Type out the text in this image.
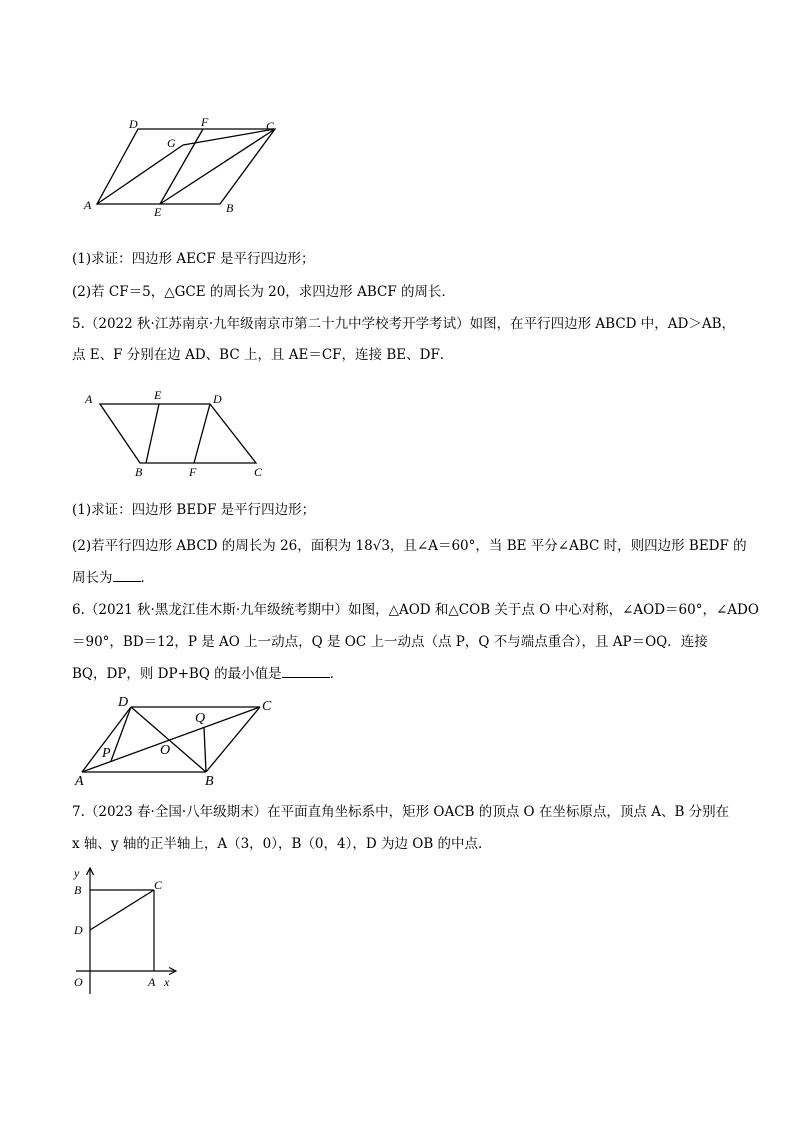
A	B
C
D
E
F
G
(1)求证：四边形 AECF 是平行四边形；
(2)若 CF＝5，△GCE 的周长为 20，求四边形 ABCF 的周长．
5.（2022 秋·江苏南京·九年级南京市第二十九中学校考开学考试）如图，在平行四边形 ABCD 中，AD＞AB，
点 E、F 分别在边 AD、BC 上，且 AE＝CF，连接 BE、DF．
A	E	D
B	F	C
(1)求证：四边形 BEDF 是平行四边形；
(2)若平行四边形 ABCD 的周长为 26，面积为 18√3，且∠A＝60°，当 BE 平分∠ABC 时，则四边形 BEDF 的
周长为 ．
6.（2021 秋·黑龙江佳木斯·九年级统考期中）如图，△AOD 和△COB 关于点 O 中心对称，∠AOD＝60°，∠ADO
＝90°，BD＝12，P 是 AO 上一动点，Q 是 OC 上一动点（点 P，Q 不与端点重合），且 AP＝OQ．连接
BQ，DP，则 DP+BQ 的最小值是	．
D	C
Q
O
P
A	B
7.（2023 春·全国·八年级期末）在平面直角坐标系中，矩形 OACB 的顶点 O 在坐标原点，顶点 A、B 分别在
x 轴、y 轴的正半轴上，A（3，0），B（0，4），D 为边 OB 的中点.
y
B	C
D
O	A x
